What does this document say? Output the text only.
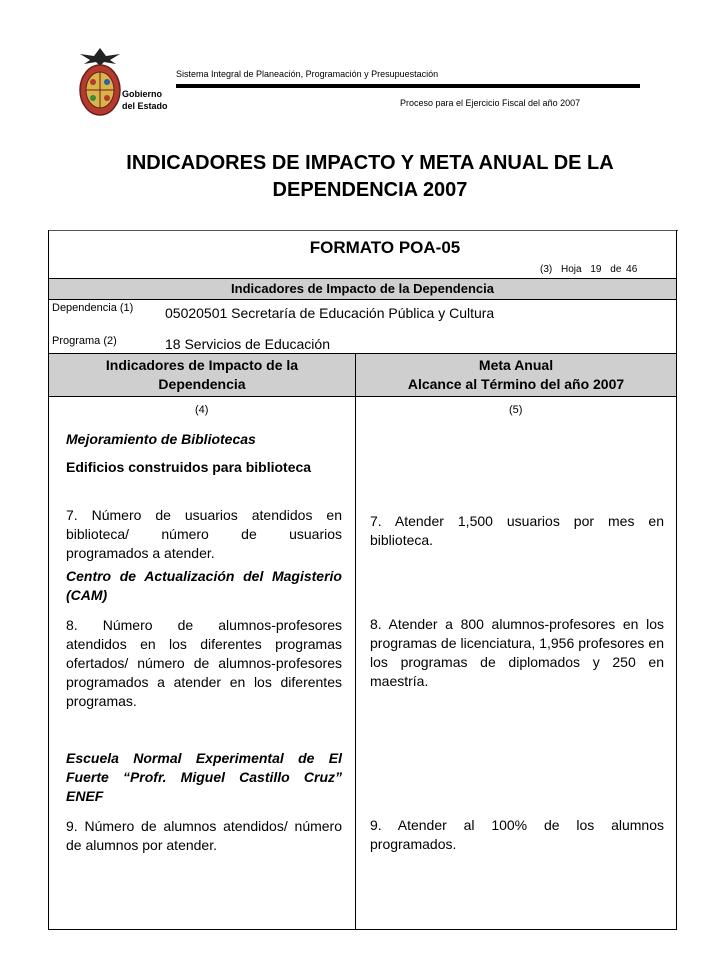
Gobierno
del Estado
Sistema Integral de Planeación, Programación y Presupuestación
Proceso para el Ejercicio Fiscal del año 2007
INDICADORES DE IMPACTO Y META ANUAL DE LA
DEPENDENCIA 2007
FORMATO POA-05
(3) Hoja 19 de 46
Indicadores de Impacto de la Dependencia
Dependencia (1) 05020501 Secretaría de Educación Pública y Cultura
Programa (2)	18 Servicios de Educación
Indicadores de Impacto de la
Dependencia
Meta Anual
Alcance al Término del año 2007
(4)	(5)
Mejoramiento de Bibliotecas
Edificios construidos para biblioteca
7. Número de usuarios atendidos en biblioteca/ número de usuarios programados a atender.
Centro de Actualización del Magisterio (CAM)
8. Número de alumnos-profesores atendidos en los diferentes programas ofertados/ número de alumnos-profesores programados a atender en los diferentes programas.
Escuela Normal Experimental de El Fuerte “Profr. Miguel Castillo Cruz” ENEF
9. Número de alumnos atendidos/ número de alumnos por atender.
7. Atender 1,500 usuarios por mes en biblioteca.
8. Atender a 800 alumnos-profesores en los programas de licenciatura, 1,956 profesores en los programas de diplomados y 250 en maestría.
9. Atender al 100% de los alumnos programados.
